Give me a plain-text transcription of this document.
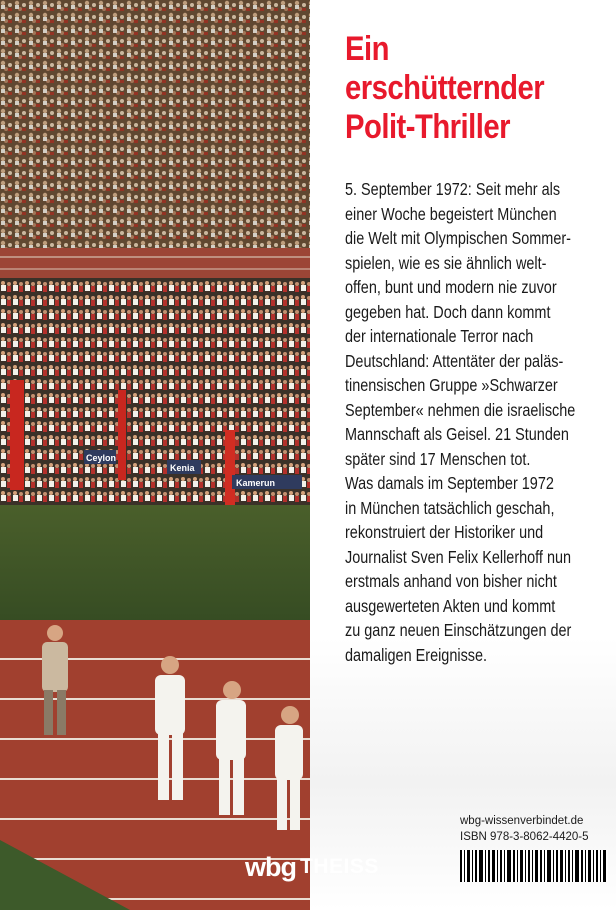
Kamerun
Kenia
Ceylon
Ein
erschütternder
Polit-Thriller
5. September 1972: Seit mehr als
einer Woche begeistert München
die Welt mit Olympischen Sommer-
spielen, wie es sie ähnlich welt-
offen, bunt und modern nie zuvor
gegeben hat. Doch dann kommt
der internationale Terror nach
Deutschland: Attentäter der paläs-
tinensischen Gruppe »Schwarzer
September« nehmen die israelische
Mannschaft als Geisel. 21 Stunden
später sind 17 Menschen tot.
Was damals im September 1972
in München tatsächlich geschah,
rekonstruiert der Historiker und
Journalist Sven Felix Kellerhoff nun
erstmals anhand von bisher nicht
ausgewerteten Akten und kommt
zu ganz neuen Einschätzungen der
damaligen Ereignisse.
wbg-wissenverbindet.de
ISBN 978-3-8062-4420-5
wbg THEISS
